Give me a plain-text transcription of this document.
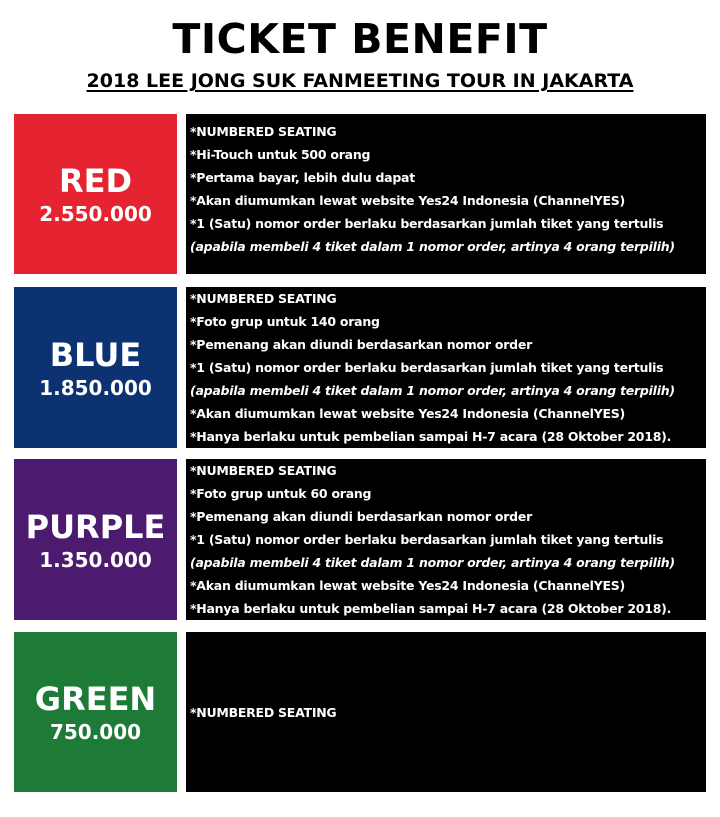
TICKET BENEFIT
2018 LEE JONG SUK FANMEETING TOUR IN JAKARTA
RED
2.550.000
*NUMBERED SEATING
*Hi-Touch untuk 500 orang
*Pertama bayar, lebih dulu dapat
*Akan diumumkan lewat website Yes24 Indonesia (ChannelYES)
*1 (Satu) nomor order berlaku berdasarkan jumlah tiket yang tertulis
(apabila membeli 4 tiket dalam 1 nomor order, artinya 4 orang terpilih)
BLUE
1.850.000
*NUMBERED SEATING
*Foto grup untuk 140 orang
*Pemenang akan diundi berdasarkan nomor order
*1 (Satu) nomor order berlaku berdasarkan jumlah tiket yang tertulis
(apabila membeli 4 tiket dalam 1 nomor order, artinya 4 orang terpilih)
*Akan diumumkan lewat website Yes24 Indonesia (ChannelYES)
*Hanya berlaku untuk pembelian sampai H-7 acara (28 Oktober 2018).
PURPLE
1.350.000
*NUMBERED SEATING
*Foto grup untuk 60 orang
*Pemenang akan diundi berdasarkan nomor order
*1 (Satu) nomor order berlaku berdasarkan jumlah tiket yang tertulis
(apabila membeli 4 tiket dalam 1 nomor order, artinya 4 orang terpilih)
*Akan diumumkan lewat website Yes24 Indonesia (ChannelYES)
*Hanya berlaku untuk pembelian sampai H-7 acara (28 Oktober 2018).
GREEN
750.000
*NUMBERED SEATING
